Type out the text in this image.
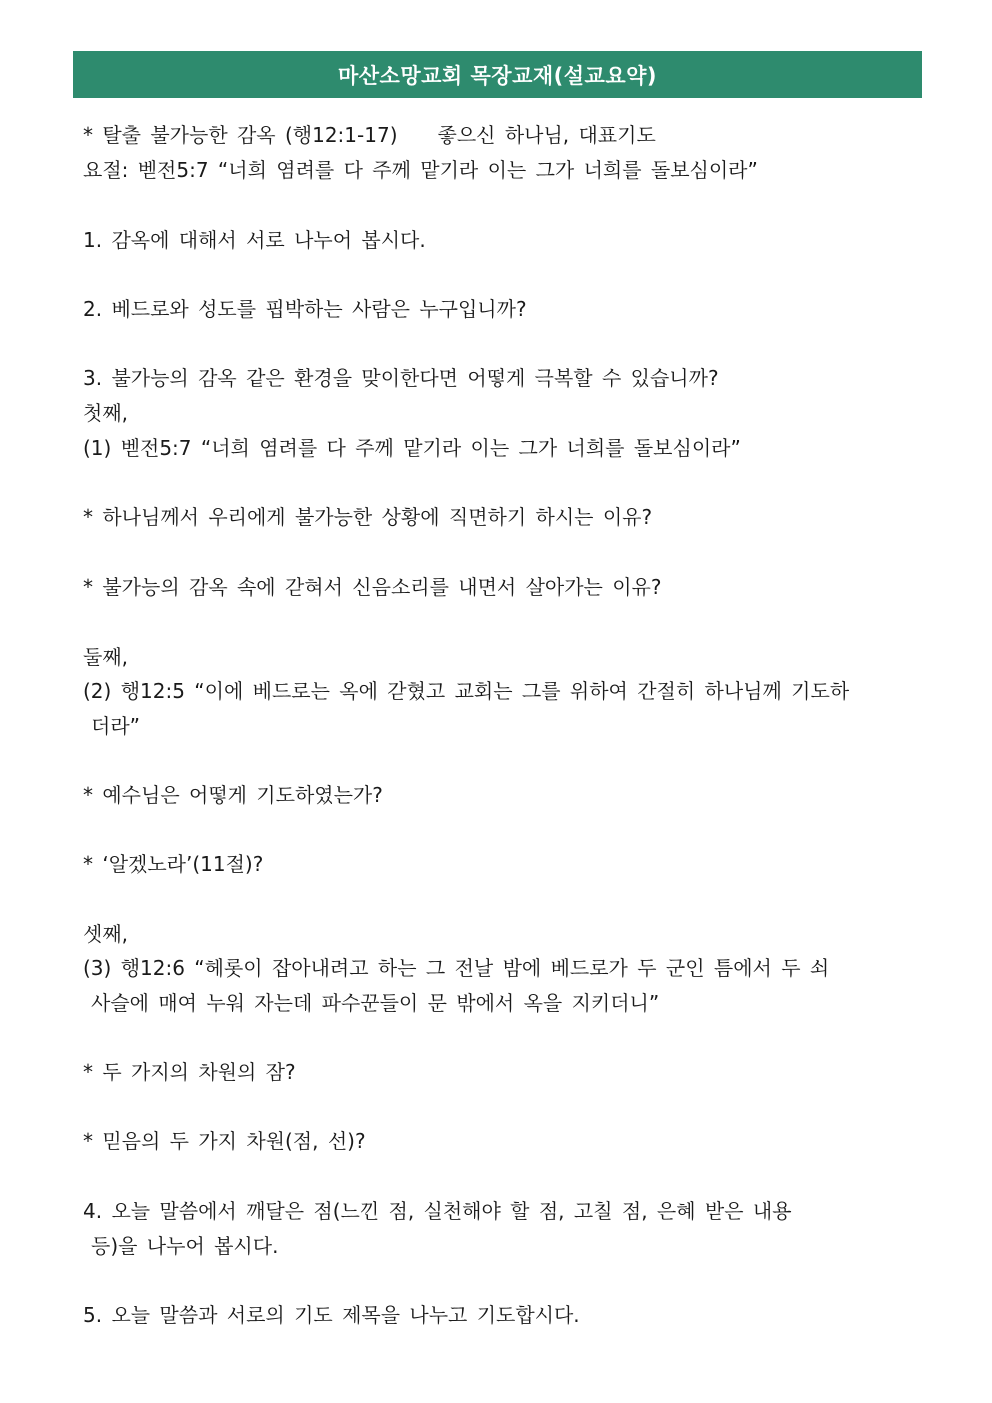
마산소망교회 목장교재(설교요약)
* 탈출 불가능한 감옥 (행12:1-17) 좋으신 하나님, 대표기도
요절: 벧전5:7 “너희 염려를 다 주께 맡기라 이는 그가 너희를 돌보심이라”
1. 감옥에 대해서 서로 나누어 봅시다.
2. 베드로와 성도를 핍박하는 사람은 누구입니까?
3. 불가능의 감옥 같은 환경을 맞이한다면 어떻게 극복할 수 있습니까?
첫째,
(1) 벧전5:7 “너희 염려를 다 주께 맡기라 이는 그가 너희를 돌보심이라”
* 하나님께서 우리에게 불가능한 상황에 직면하기 하시는 이유?
* 불가능의 감옥 속에 갇혀서 신음소리를 내면서 살아가는 이유?
둘째,
(2) 행12:5 “이에 베드로는 옥에 갇혔고 교회는 그를 위하여 간절히 하나님께 기도하
더라”
* 예수님은 어떻게 기도하였는가?
* ‘알겠노라’(11절)?
셋째,
(3) 행12:6 “헤롯이 잡아내려고 하는 그 전날 밤에 베드로가 두 군인 틈에서 두 쇠
사슬에 매여 누워 자는데 파수꾼들이 문 밖에서 옥을 지키더니”
* 두 가지의 차원의 잠?
* 믿음의 두 가지 차원(점, 선)?
4. 오늘 말씀에서 깨달은 점(느낀 점, 실천해야 할 점, 고칠 점, 은혜 받은 내용
등)을 나누어 봅시다.
5. 오늘 말씀과 서로의 기도 제목을 나누고 기도합시다.
